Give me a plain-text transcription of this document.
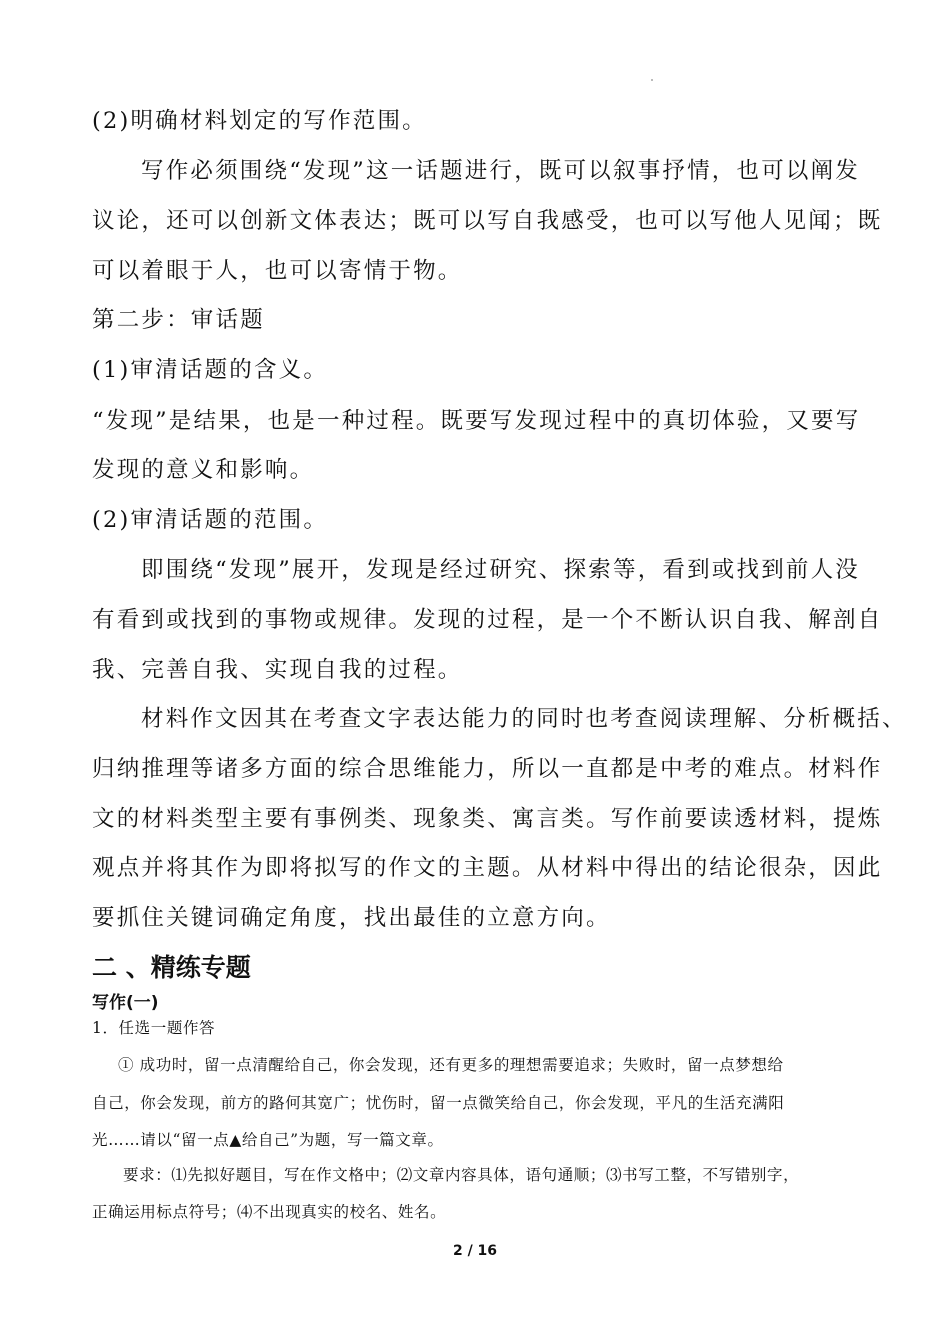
(2)明确材料划定的写作范围。
写作必须围绕“发现”这一话题进行，既可以叙事抒情，也可以阐发
议论，还可以创新文体表达；既可以写自我感受，也可以写他人见闻；既
可以着眼于人，也可以寄情于物。
第二步：审话题
(1)审清话题的含义。
“发现”是结果，也是一种过程。既要写发现过程中的真切体验，又要写
发现的意义和影响。
(2)审清话题的范围。
即围绕“发现”展开，发现是经过研究、探索等，看到或找到前人没
有看到或找到的事物或规律。发现的过程，是一个不断认识自我、解剖自
我、完善自我、实现自我的过程。
材料作文因其在考查文字表达能力的同时也考查阅读理解、分析概括、
归纳推理等诸多方面的综合思维能力，所以一直都是中考的难点。材料作
文的材料类型主要有事例类、现象类、寓言类。写作前要读透材料，提炼
观点并将其作为即将拟写的作文的主题。从材料中得出的结论很杂，因此
要抓住关键词确定角度，找出最佳的立意方向。
二 、精练专题
写作(一)
1．任选一题作答
① 成功时，留一点清醒给自己，你会发现，还有更多的理想需要追求；失败时，留一点梦想给
自己，你会发现，前方的路何其宽广；忧伤时，留一点微笑给自己，你会发现，平凡的生活充满阳
光……请以“留一点▲给自己”为题，写一篇文章。
要求：⑴先拟好题目，写在作文格中；⑵文章内容具体，语句通顺；⑶书写工整，不写错别字，
正确运用标点符号；⑷不出现真实的校名、姓名。
2 / 16
